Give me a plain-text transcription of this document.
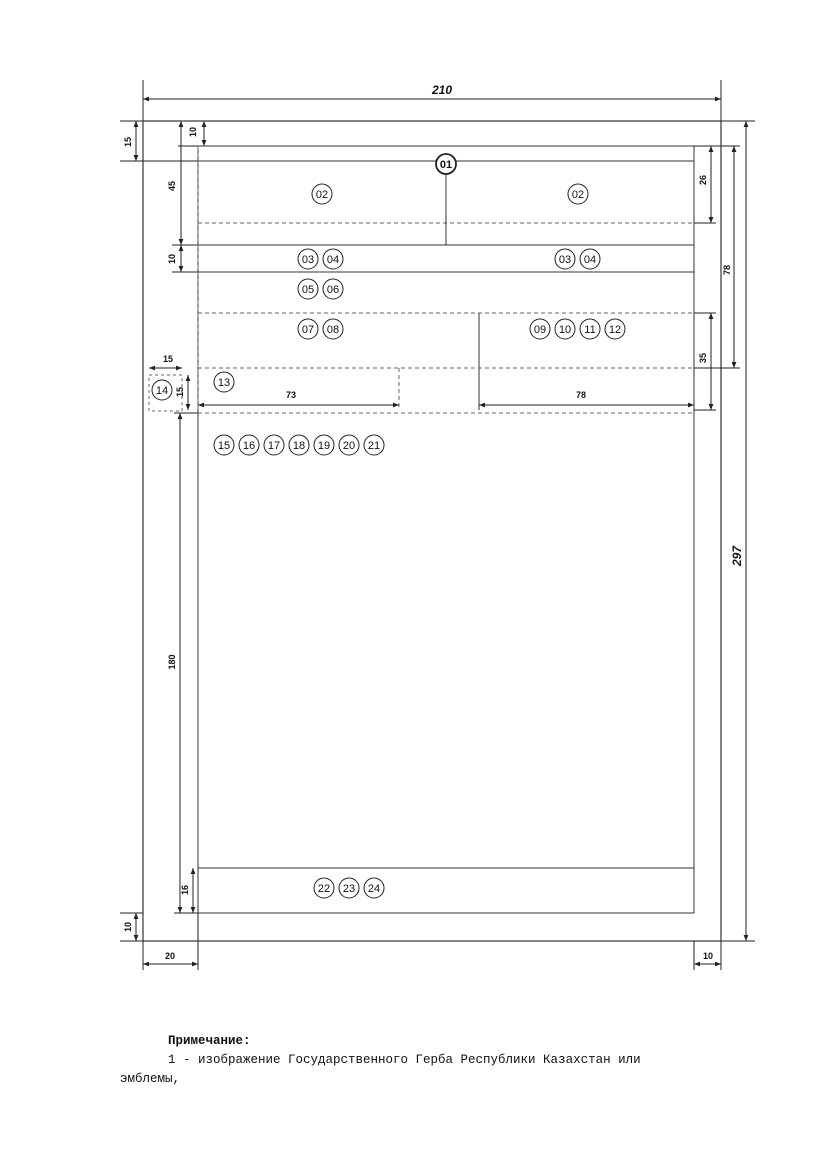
210
15
10
45
10
26
78
35
297
15
15	73	78
180
16
10
20	10
01
02	02
03 04	03 04
05 06
07 08	09 10 11 12
13
14
15 16 17 18 19 20 21
22 23 24
Примечание:
1 - изображение Государственного Герба Республики Казахстан или
эмблемы,
